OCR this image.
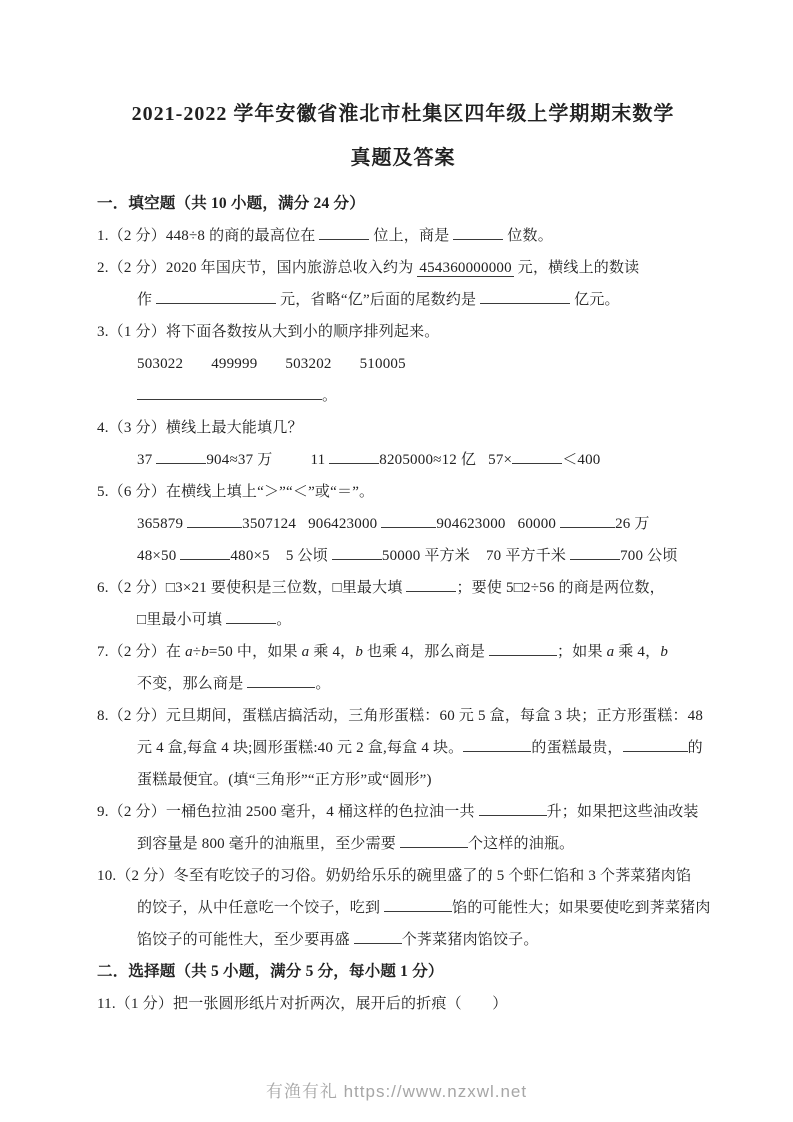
2021-2022 学年安徽省淮北市杜集区四年级上学期期末数学
真题及答案
一．填空题（共 10 小题，满分 24 分）
1.（2 分）448÷8 的商的最高位在	位上，商是	位数。
2.（2 分）2020 年国庆节，国内旅游总收入约为 454360000000 元，横线上的数读
作	元，省略“亿”后面的尾数约是	亿元。
3.（1 分）将下面各数按从大到小的顺序排列起来。
503022 499999 503202 510005
。
4.（3 分）横线上最大能填几？
37	904≈37 万	11	8205000≈12 亿 57×	＜400
5.（6 分）在横线上填上“＞”“＜”或“＝”。
365879	3507124 906423000	904623000 60000	26 万
48×50	480×5 5 公顷	50000 平方米 70 平方千米	700 公顷
6.（2 分）□3×21 要使积是三位数，□里最大填	；要使 5□2÷56 的商是两位数，
□里最小可填	。
7.（2 分）在 a÷b=50 中，如果 a 乘 4，b 也乘 4，那么商是	；如果 a 乘 4，b
不变，那么商是	。
8.（2 分）元旦期间，蛋糕店搞活动，三角形蛋糕：60 元 5 盒，每盒 3 块；正方形蛋糕：48
元 4 盒,每盒 4 块;圆形蛋糕:40 元 2 盒,每盒 4 块。	的蛋糕最贵，	的
蛋糕最便宜。(填“三角形”“正方形”或“圆形”)
9.（2 分）一桶色拉油 2500 毫升，4 桶这样的色拉油一共	升；如果把这些油改装
到容量是 800 毫升的油瓶里，至少需要	个这样的油瓶。
10.（2 分）冬至有吃饺子的习俗。奶奶给乐乐的碗里盛了的 5 个虾仁馅和 3 个荠菜猪肉馅
的饺子，从中任意吃一个饺子，吃到	馅的可能性大；如果要使吃到荠菜猪肉
馅饺子的可能性大，至少要再盛	个荠菜猪肉馅饺子。
二．选择题（共 5 小题，满分 5 分，每小题 1 分）
11.（1 分）把一张圆形纸片对折两次，展开后的折痕（　　）
有渔有礼 https://www.nzxwl.net
